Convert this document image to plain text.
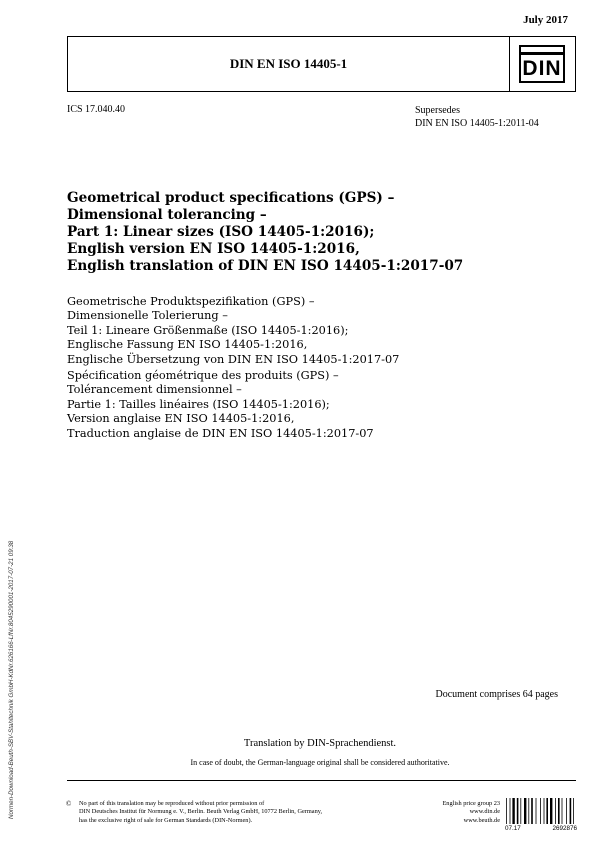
July 2017
DIN EN ISO 14405-1	DIN
ICS 17.040.40	Supersedes
DIN EN ISO 14405-1:2011-04
Geometrical product specifications (GPS) –
Dimensional tolerancing –
Part 1: Linear sizes (ISO 14405-1:2016);
English version EN ISO 14405-1:2016,
English translation of DIN EN ISO 14405-1:2017-07
Geometrische Produktspezifikation (GPS) –
Dimensionelle Tolerierung –
Teil 1: Lineare Größenmaße (ISO 14405-1:2016);
Englische Fassung EN ISO 14405-1:2016,
Englische Übersetzung von DIN EN ISO 14405-1:2017-07
Spécification géométrique des produits (GPS) –
Tolérancement dimensionnel –
Partie 1: Tailles linéaires (ISO 14405-1:2016);
Version anglaise EN ISO 14405-1:2016,
Traduction anglaise de DIN EN ISO 14405-1:2017-07
Document comprises 64 pages
Translation by DIN-Sprachendienst.
In case of doubt, the German-language original shall be considered authoritative.
© No part of this translation may be reproduced without prior permission of
DIN Deutsches Institut für Normung e. V., Berlin. Beuth Verlag GmbH, 10772 Berlin, Germany,
has the exclusive right of sale for German Standards (DIN-Normen).
English price group 23
www.din.de
www.beuth.de
07.17	2692876
Normen-Download-Beuth-SBV-Stahltechnik GmbH-KdNr.626166-LfNr.8045290001-2017-07-21 09:38
